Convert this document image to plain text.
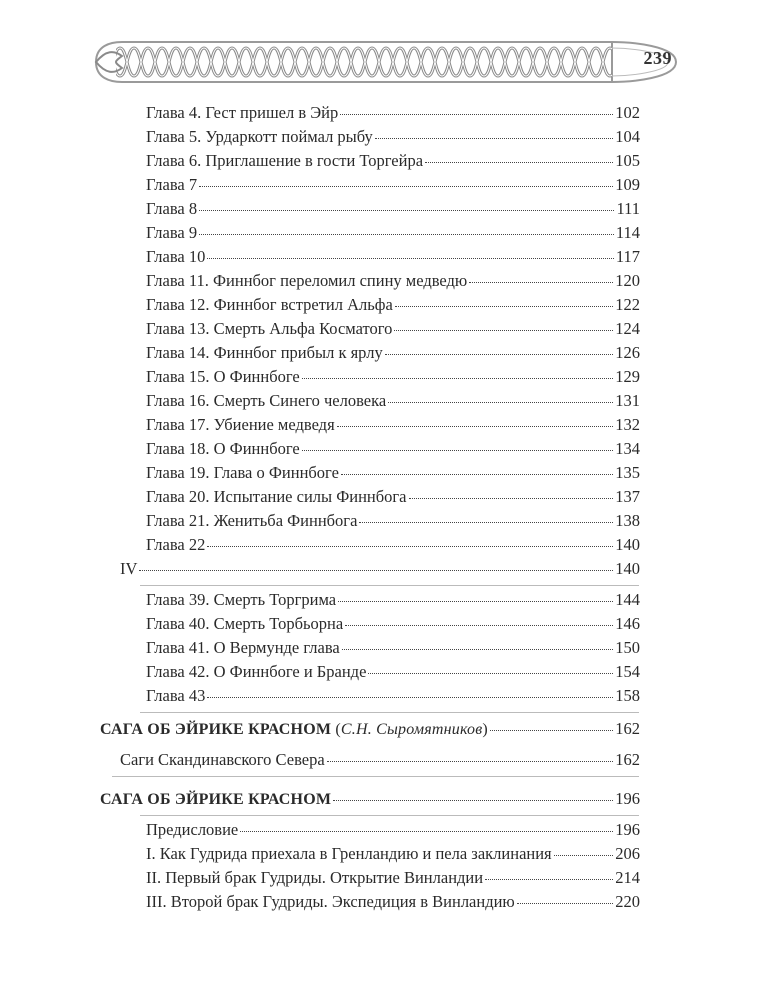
239
Глава 4. Гест пришел в Эйр	102
Глава 5. Урдаркотт поймал рыбу	104
Глава 6. Приглашение в гости Торгейра	105
Глава 7	109
Глава 8	111
Глава 9	114
Глава 10	117
Глава 11. Финнбог переломил спину медведю	120
Глава 12. Финнбог встретил Альфа	122
Глава 13. Смерть Альфа Косматого	124
Глава 14. Финнбог прибыл к ярлу	126
Глава 15. О Финнбоге	129
Глава 16. Смерть Синего человека	131
Глава 17. Убиение медведя	132
Глава 18. О Финнбоге	134
Глава 19. Глава о Финнбоге	135
Глава 20. Испытание силы Финнбога	137
Глава 21. Женитьба Финнбога	138
Глава 22	140
IV	140
Глава 39. Смерть Торгрима	144
Глава 40. Смерть Торбьорна	146
Глава 41. О Вермунде глава	150
Глава 42. О Финнбоге и Бранде	154
Глава 43	158
САГА ОБ ЭЙРИКЕ КРАСНОМ (С.Н. Сыромятников)	162
Саги Скандинавского Севера	162
САГА ОБ ЭЙРИКЕ КРАСНОМ	196
Предисловие	196
I. Как Гудрида приехала в Гренландию и пела заклинания	206
II. Первый брак Гудриды. Открытие Винландии	214
III. Второй брак Гудриды. Экспедиция в Винландию	220
